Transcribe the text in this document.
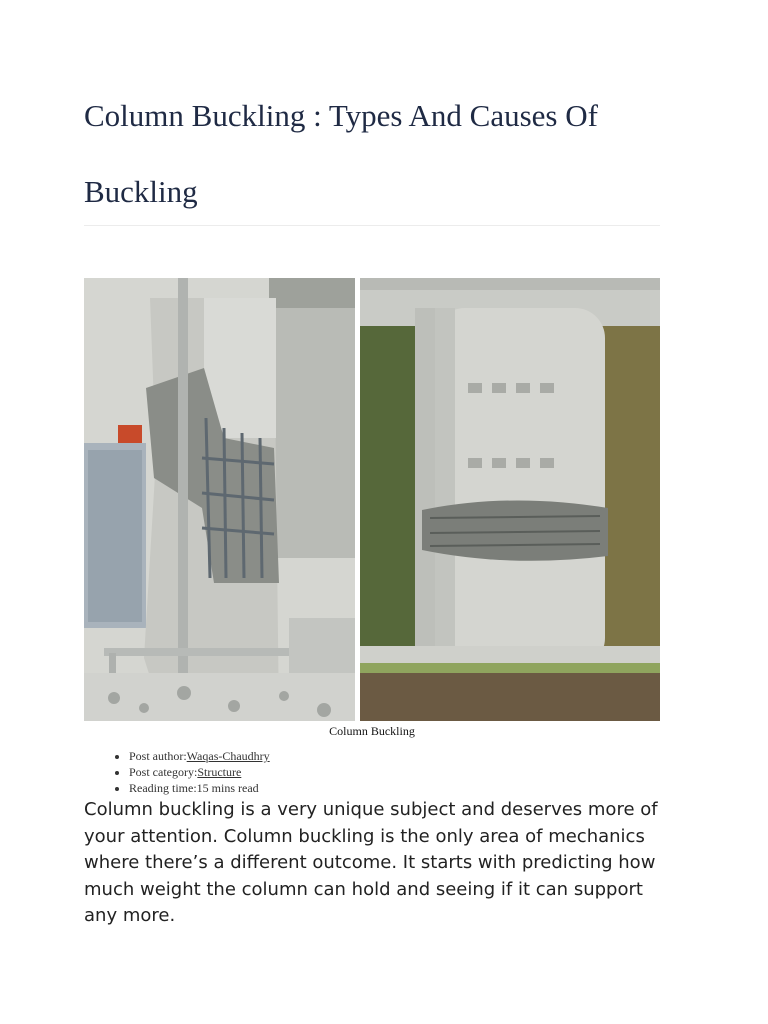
Column Buckling : Types And Causes Of Buckling
Column Buckling
• Post author:Waqas-Chaudhry
• Post category:Structure
• Reading time:15 mins read

Column buckling is a very unique subject and deserves more of your attention. Column buckling is the only area of mechanics where there’s a different outcome. It starts with predicting how much weight the column can hold and seeing if it can support any more.
